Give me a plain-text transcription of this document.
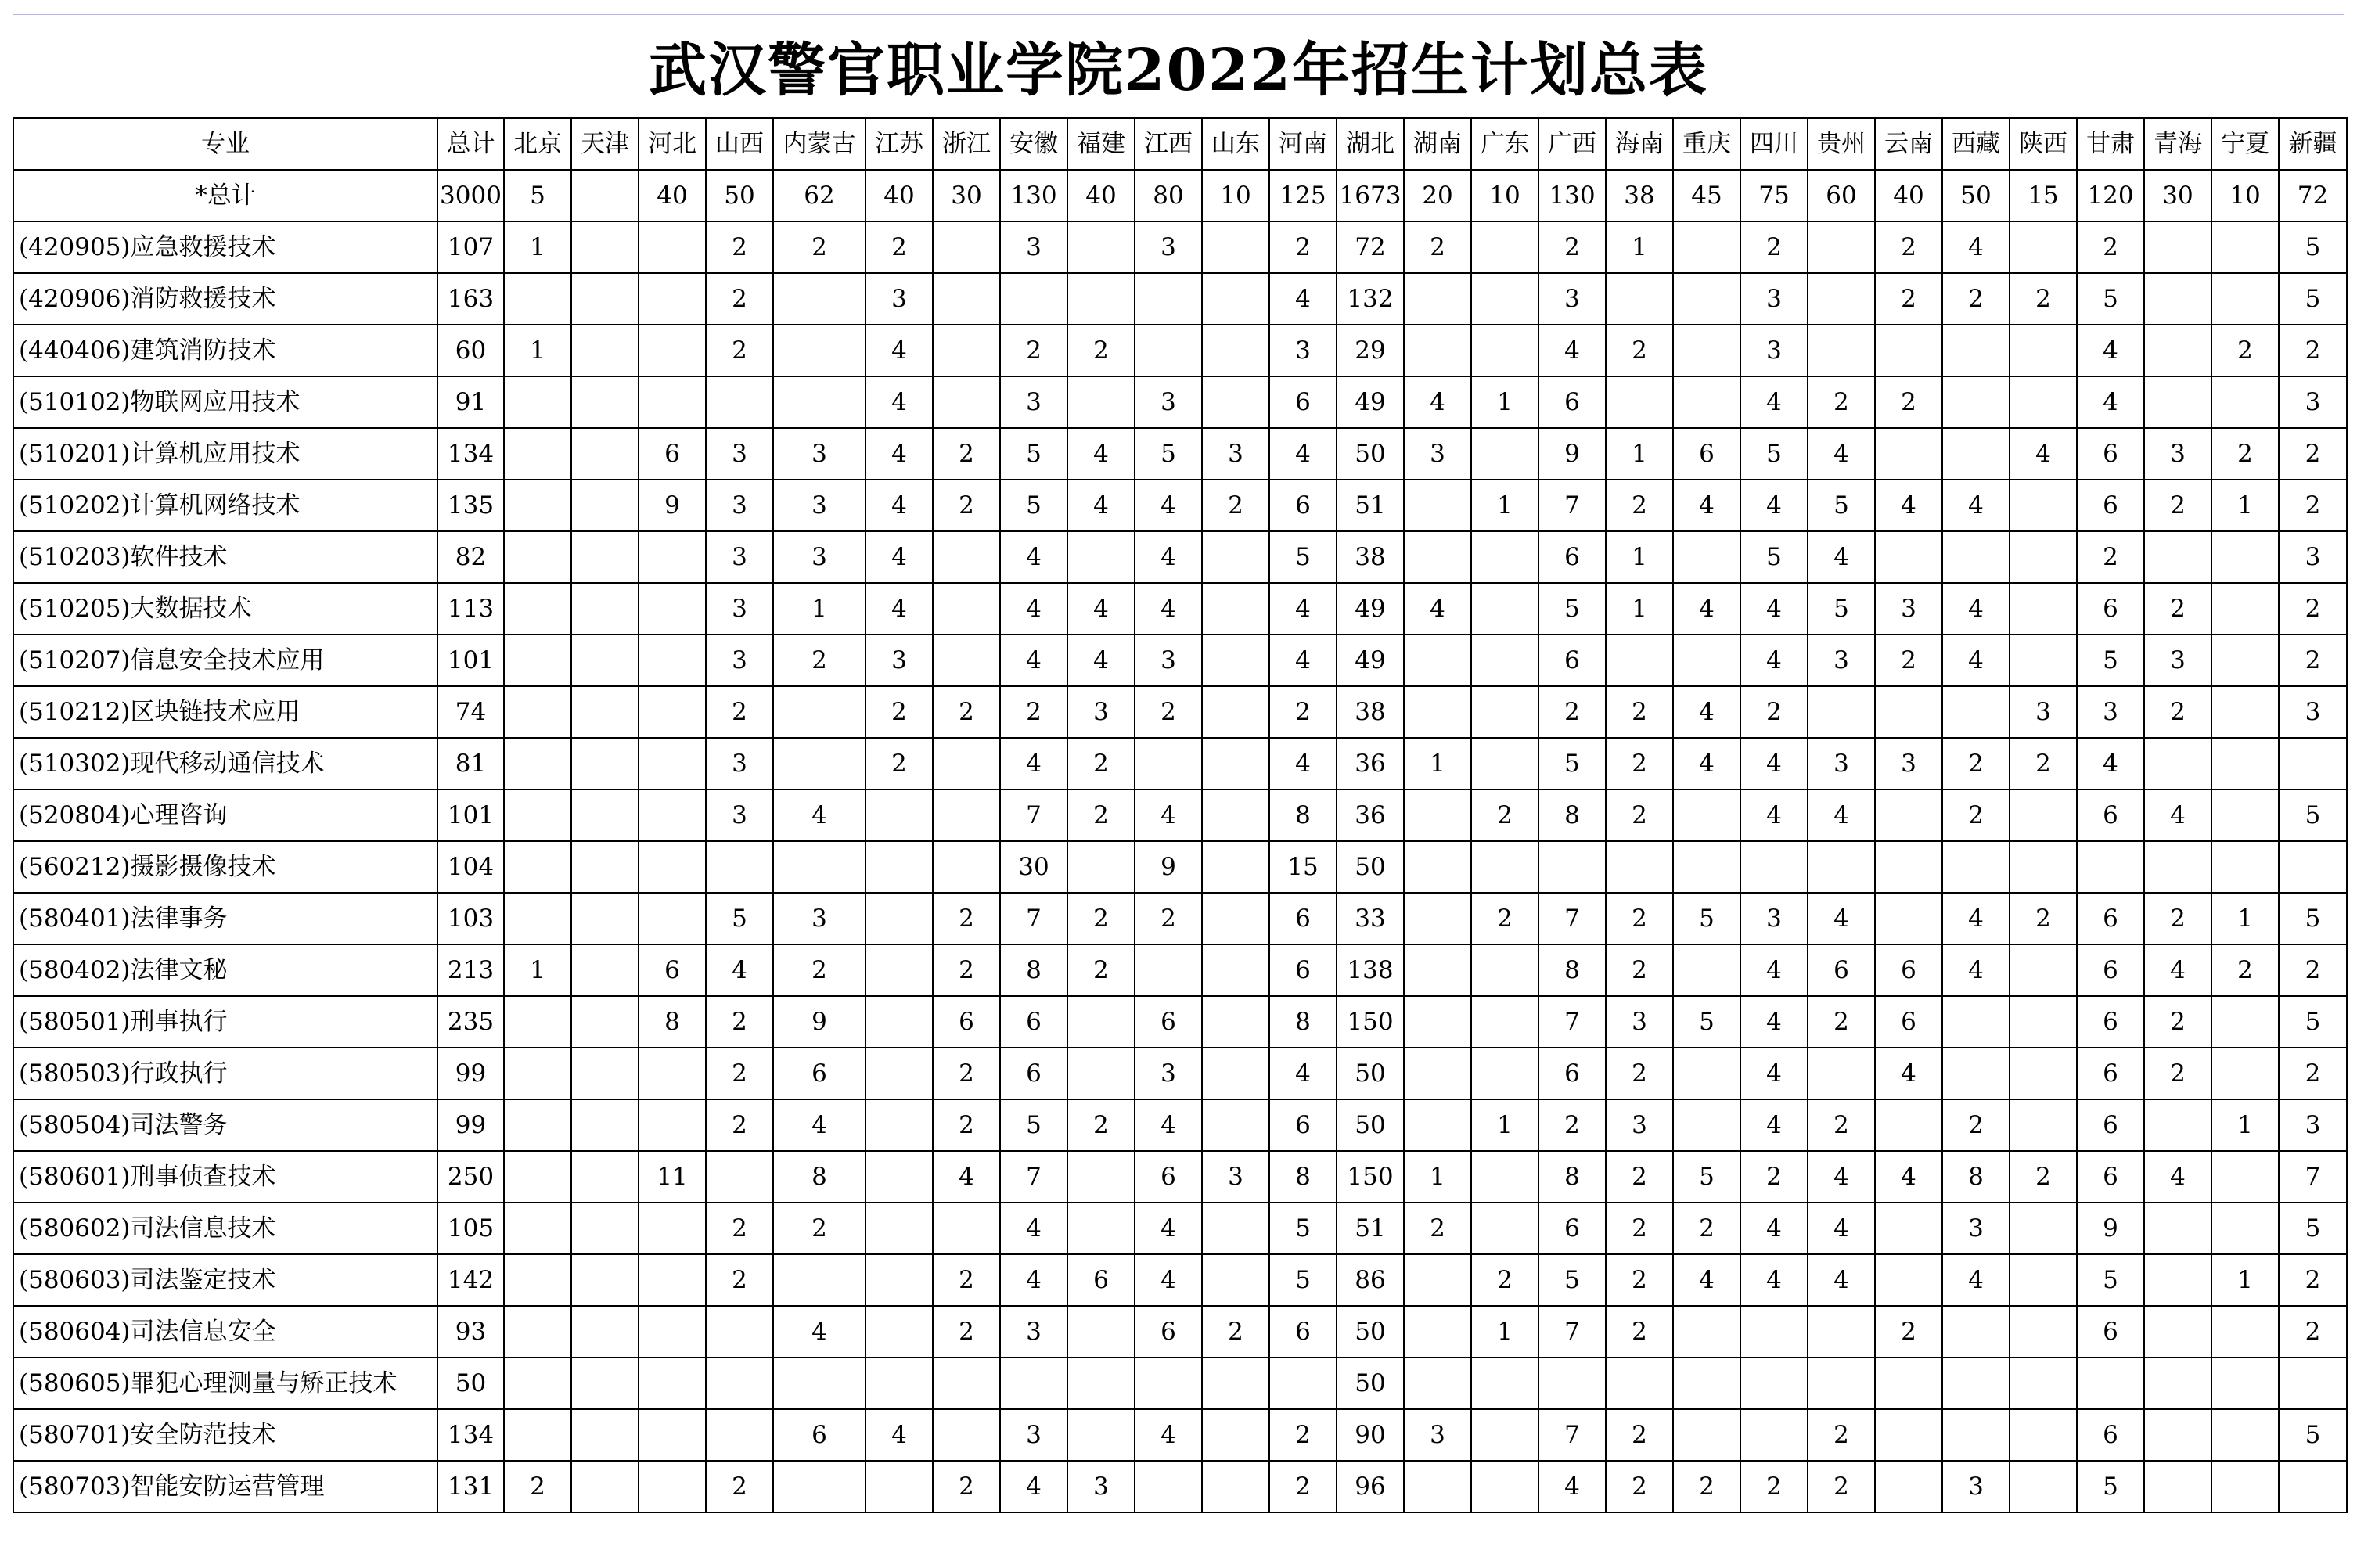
武汉警官职业学院2022年招生计划总表
专业	总计	北京	天津	河北	山西	内蒙古	江苏	浙江	安徽	福建	江西	山东	河南	湖北	湖南	广东	广西	海南	重庆	四川	贵州	云南	西藏	陕西	甘肃	青海	宁夏	新疆
*总计	3000	5		40	50	62	40	30	130	40	80	10	125	1673	20	10	130	38	45	75	60	40	50	15	120	30	10	72
(420905)应急救援技术	107	1			2	2	2		3		3		2	72	2		2	1		2		2	4		2			5
(420906)消防救援技术	163				2		3						4	132			3			3		2	2	2	5			5
(440406)建筑消防技术	60	1			2		4		2	2			3	29			4	2		3					4		2	2
(510102)物联网应用技术	91						4		3		3		6	49	4	1	6			4	2	2			4			3
(510201)计算机应用技术	134			6	3	3	4	2	5	4	5	3	4	50	3		9	1	6	5	4			4	6	3	2	2
(510202)计算机网络技术	135			9	3	3	4	2	5	4	4	2	6	51		1	7	2	4	4	5	4	4		6	2	1	2
(510203)软件技术	82				3	3	4		4		4		5	38			6	1		5	4				2			3
(510205)大数据技术	113				3	1	4		4	4	4		4	49	4		5	1	4	4	5	3	4		6	2		2
(510207)信息安全技术应用	101				3	2	3		4	4	3		4	49			6			4	3	2	4		5	3		2
(510212)区块链技术应用	74				2		2	2	2	3	2		2	38			2	2	4	2				3	3	2		3
(510302)现代移动通信技术	81				3		2		4	2			4	36	1		5	2	4	4	3	3	2	2	4			
(520804)心理咨询	101				3	4			7	2	4		8	36		2	8	2		4	4		2		6	4		5
(560212)摄影摄像技术	104								30		9		15	50														
(580401)法律事务	103				5	3		2	7	2	2		6	33		2	7	2	5	3	4		4	2	6	2	1	5
(580402)法律文秘	213	1		6	4	2		2	8	2			6	138			8	2		4	6	6	4		6	4	2	2
(580501)刑事执行	235			8	2	9		6	6		6		8	150			7	3	5	4	2	6			6	2		5
(580503)行政执行	99				2	6		2	6		3		4	50			6	2		4		4			6	2		2
(580504)司法警务	99				2	4		2	5	2	4		6	50		1	2	3		4	2		2		6		1	3
(580601)刑事侦查技术	250			11		8		4	7		6	3	8	150	1		8	2	5	2	4	4	8	2	6	4		7
(580602)司法信息技术	105				2	2			4		4		5	51	2		6	2	2	4	4		3		9			5
(580603)司法鉴定技术	142				2			2	4	6	4		5	86		2	5	2	4	4	4		4		5		1	2
(580604)司法信息安全	93					4		2	3		6	2	6	50		1	7	2				2			6			2
(580605)罪犯心理测量与矫正技术	50													50														
(580701)安全防范技术	134					6	4		3		4		2	90	3		7	2			2				6			5
(580703)智能安防运营管理	131	2			2			2	4	3			2	96			4	2	2	2	2		3		5			
